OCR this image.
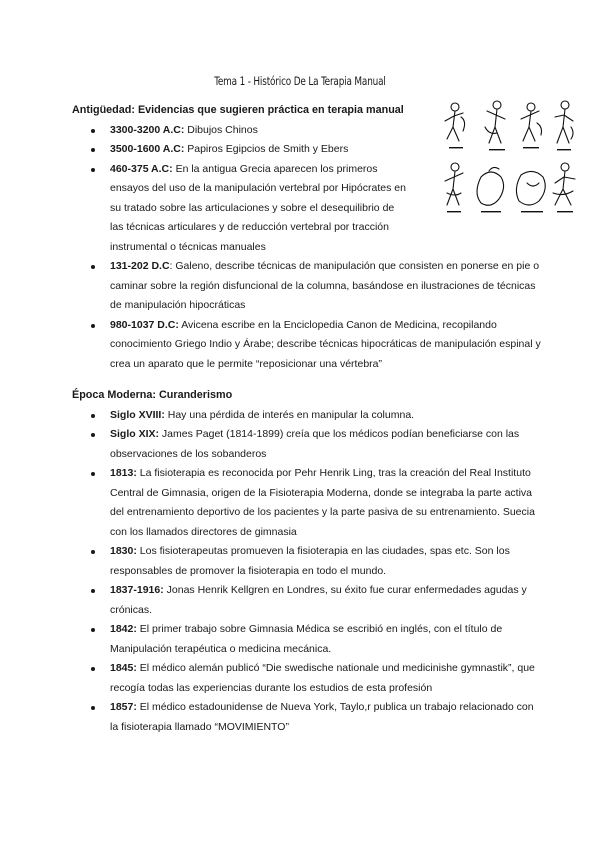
Tema 1 - Histórico De La Terapia Manual

Antigüedad: Evidencias que sugieren práctica en terapia manual

3300-3200 A.C: Dibujos Chinos
3500-1600 A.C: Papiros Egipcios de Smith y Ebers
460-375 A.C: En la antigua Grecia aparecen los primeros ensayos del uso de la manipulación vertebral por Hipócrates en su tratado sobre las articulaciones y sobre el desequilibrio de las técnicas articulares y de reducción vertebral por tracción instrumental o técnicas manuales
131-202 D.C: Galeno, describe técnicas de manipulación que consisten en ponerse en pie o caminar sobre la región disfuncional de la columna, basándose en ilustraciones de técnicas de manipulación hipocráticas
980-1037 D.C: Avicena escribe en la Enciclopedia Canon de Medicina, recopilando conocimiento Griego Indio y Árabe; describe técnicas hipocráticas de manipulación espinal y crea un aparato que le permite “reposicionar una vértebra”

Época Moderna: Curanderismo

Siglo XVIII: Hay una pérdida de interés en manipular la columna.
Siglo XIX: James Paget (1814-1899) creía que los médicos podían beneficiarse con las observaciones de los sobanderos
1813: La fisioterapia es reconocida por Pehr Henrik Ling, tras la creación del Real Instituto Central de Gimnasia, origen de la Fisioterapia Moderna, donde se integraba la parte activa del entrenamiento deportivo de los pacientes y la parte pasiva de su entrenamiento. Suecia con los llamados directores de gimnasia
1830: Los fisioterapeutas promueven la fisioterapia en las ciudades, spas etc. Son los responsables de promover la fisioterapia en todo el mundo.
1837-1916: Jonas Henrik Kellgren en Londres, su éxito fue curar enfermedades agudas y crónicas.
1842: El primer trabajo sobre Gimnasia Médica se escribió en inglés, con el título de Manipulación terapéutica o medicina mecánica.
1845: El médico alemán publicó “Die swedische nationale und medicinishe gymnastik”, que recogía todas las experiencias durante los estudios de esta profesión
1857: El médico estadounidense de Nueva York, Taylo,r publica un trabajo relacionado con la fisioterapia llamado “MOVIMIENTO”
